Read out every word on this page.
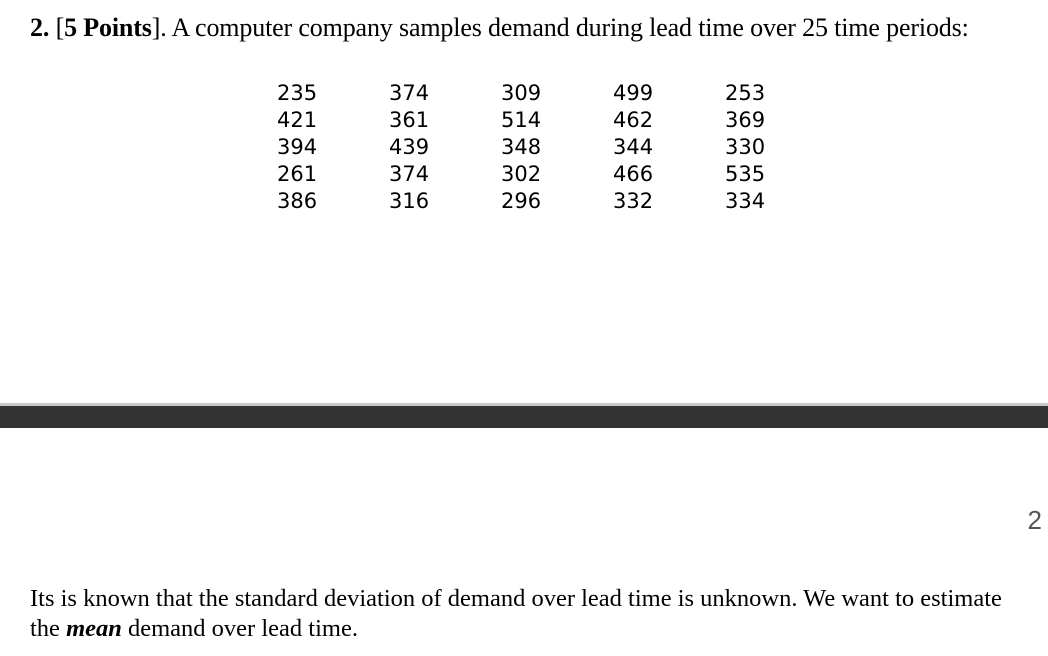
2. [5 Points]. A computer company samples demand during lead time over 25 time periods:
235	374	309	499	253
421	361	514	462	369
394	439	348	344	330
261	374	302	466	535
386	316	296	332	334
2
Its is known that the standard deviation of demand over lead time is unknown. We want to estimate the mean demand over lead time.
